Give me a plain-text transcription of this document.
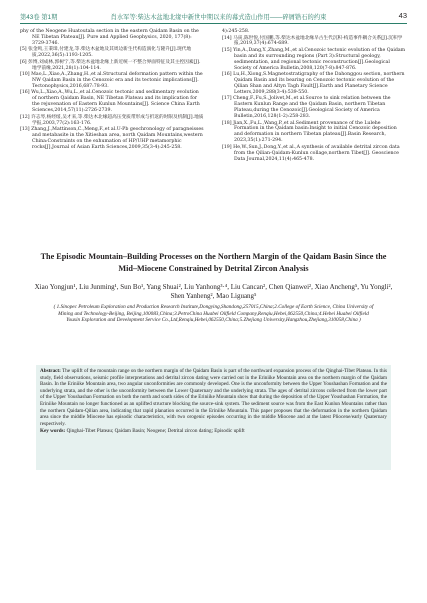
第43卷 第1期	肖水军等:柴达木盆地北缘中新世中期以来的幕式造山作用——碎屑锆石的约束	43

phy of the Neogene Huatoutala section in the eastern Qaidam Basin on the NE Tibetan Plateau[J]. Pure and Applied Geophysics, 2020, 177(8): 3729-3746.

[5] 张金鸣,王秉璋,付建龙,等.柴达木盆地及其周边新生代构造演化与隆升[J].现代地质,2022,36(5):1193-1205.

[6] 彭博,刘成林,郭树宁,等.柴达木盆地北缘上新近统一不整合界面特征及其主控因素[J].地学前缘,2021,28(1):104-114.

[10] Mao,L.,Xiao,A.,Zhang,H.,et al.Structural deformation pattern within the NW Qaidam Basin in the Cenozoic era and its tectonic implications[J]. Tectonophysics,2016,687:78-93.

[16] Wu,L.,Xiao,A.,Wu,L.,et al.Cenozoic tectonic and sedimentary evolution of northern Qaidam Basin, NE Tibetan Plateau and its implication for the rejuvenation of Eastern Kunlun Mountains[J]. Science China Earth Sciences,2014,57(11):2726-2739.

[12] 许志琴,杨经绥,吴才来,等.柴达木北缘超高压变质带形成与折返的时限及机制[J].地质学报,2003,77(2):163-176.

[13] Zhang,J.,Mattinson,C.,Meng,F.,et al.U-Pb geochronology of paragneisses and metabasite in the Xitieshan area, north Qaidam Mountains,western China:Constraints on the exhumation of HP/UHP metamorphic rocks[J].Journal of Asian Earth Sciences,2009,35(3-4):245-258.

4):245-258.

[14] 马寅,陈世悦,付国鹏,等.柴达木盆地北缘早古生代沉积-构造事件耦合关系[J].沉积学报,2019,37(4):674-689.

[15] Yin,A.,Dang,Y.,Zhang,M.,et al.Cenozoic tectonic evolution of the Qaidam basin and its surrounding regions (Part 3):Structural geology, sedimentation, and regional tectonic reconstruction[J].Geological Society of America Bulletin,2008,120(7-8):847-876.

[16] Lu,H.,Xiong,S.Magnetostratigraphy of the Dahonggou section, northern Qaidam Basin and its bearing on Cenozoic tectonic evolution of the Qilian Shan and Altyn Tagh Fault[J].Earth and Planetary Science Letters,2009,288(3-4):539-550.

[17] Cheng,F.,Fu,S.,Jolivet,M.,et al.Source to sink relation between the Eastern Kunlun Range and the Qaidam Basin, northern Tibetan Plateau,during the Cenozoic[J].Geological Society of America Bulletin,2016,128(1-2):258-283.

[18] Jian,X.,Fu,L.,Wang,P.,et al.Sediment provenance of the Lulehe Formation in the Qaidam basin:Insight to initial Cenozoic deposition and deformation in northern Tibetan plateau[J].Basin Research, 2023,35(1):271-294.

[19] He,W.,Sun,J.,Dong,Y.,et al.,A synthesis of available detrital zircon data from the Qilian-Qaidam-Kunlun collage,northern Tibet[J]. Geoscience Data Journal,2024,11(4):465-478.

The Episodic Mountain–Building Processes on the Northern Margin of the Qaidam Basin Since the Mid–Miocene Constrained by Detrital Zircon Analysis
Xiao Yongjun¹, Liu Junming¹, Sun Bo¹, Yang Shuai², Liu Yanhong³·⁴, Liu Cancan², Chen Qianwei², Xiao Ancheng⁵, Yu Yongli², Shen Yanheng², Mao Liguang⁵
( 1.Sinopec Petroleum Exploration and Production Research Institute,Dongying,Shandong,257015,China;2.College of Earth Science, China University of Mining and Technology-Beijing, Beijing,100083,China;3.PetroChina Huabei Oilfield Company,Renqiu,Hebei,062550,China;4.Hebei Huabei Oilfield Youxin Exploration and Development Service Co.,Ltd,Renqiu,Hebei,062550,China;5.Zhejiang University,Hangzhou,Zhejiang,310058,China )
Abstract: The uplift of the mountain range on the northern margin of the Qaidam Basin is part of the northward expansion process of the Qinghai-Tibet Plateau. In this study, field observations, seismic profile interpretations and detrital zircon dating were carried out in the Eriniike Mountain area on the northern margin of the Qaidam Basin. In the Eriniike Mountain area, two angular unconformities are commonly developed. One is the unconformity between the Upper Youshashan Formation and the underlying strata, and the other is the unconformity between the Lower Quaternary and the underlying strata. The ages of detrital zircons collected from the lower part of the Upper Youshashan Formation on both the north and south sides of the Eriniike Mountain show that during the deposition of the Upper Youshashan Formation, the Eriniike Mountain no longer functioned as an uplifted structure blocking the source-sink system. The sediment source was from the East Kunlun Mountains rather than the northern Qaidam-Qilian area, indicating that rapid planation occurred in the Eriniike Mountain. This paper proposes that the deformation in the northern Qaidam area since the middle Miocene has episodic characteristics, with two orogenic episodes occurring in the middle Miocene and at the latest Pliocene/early Quaternary respectively.
Key words: Qinghai-Tibet Plateau; Qaidam Basin; Neogene; Detrital zircon dating; Episodic uplift
